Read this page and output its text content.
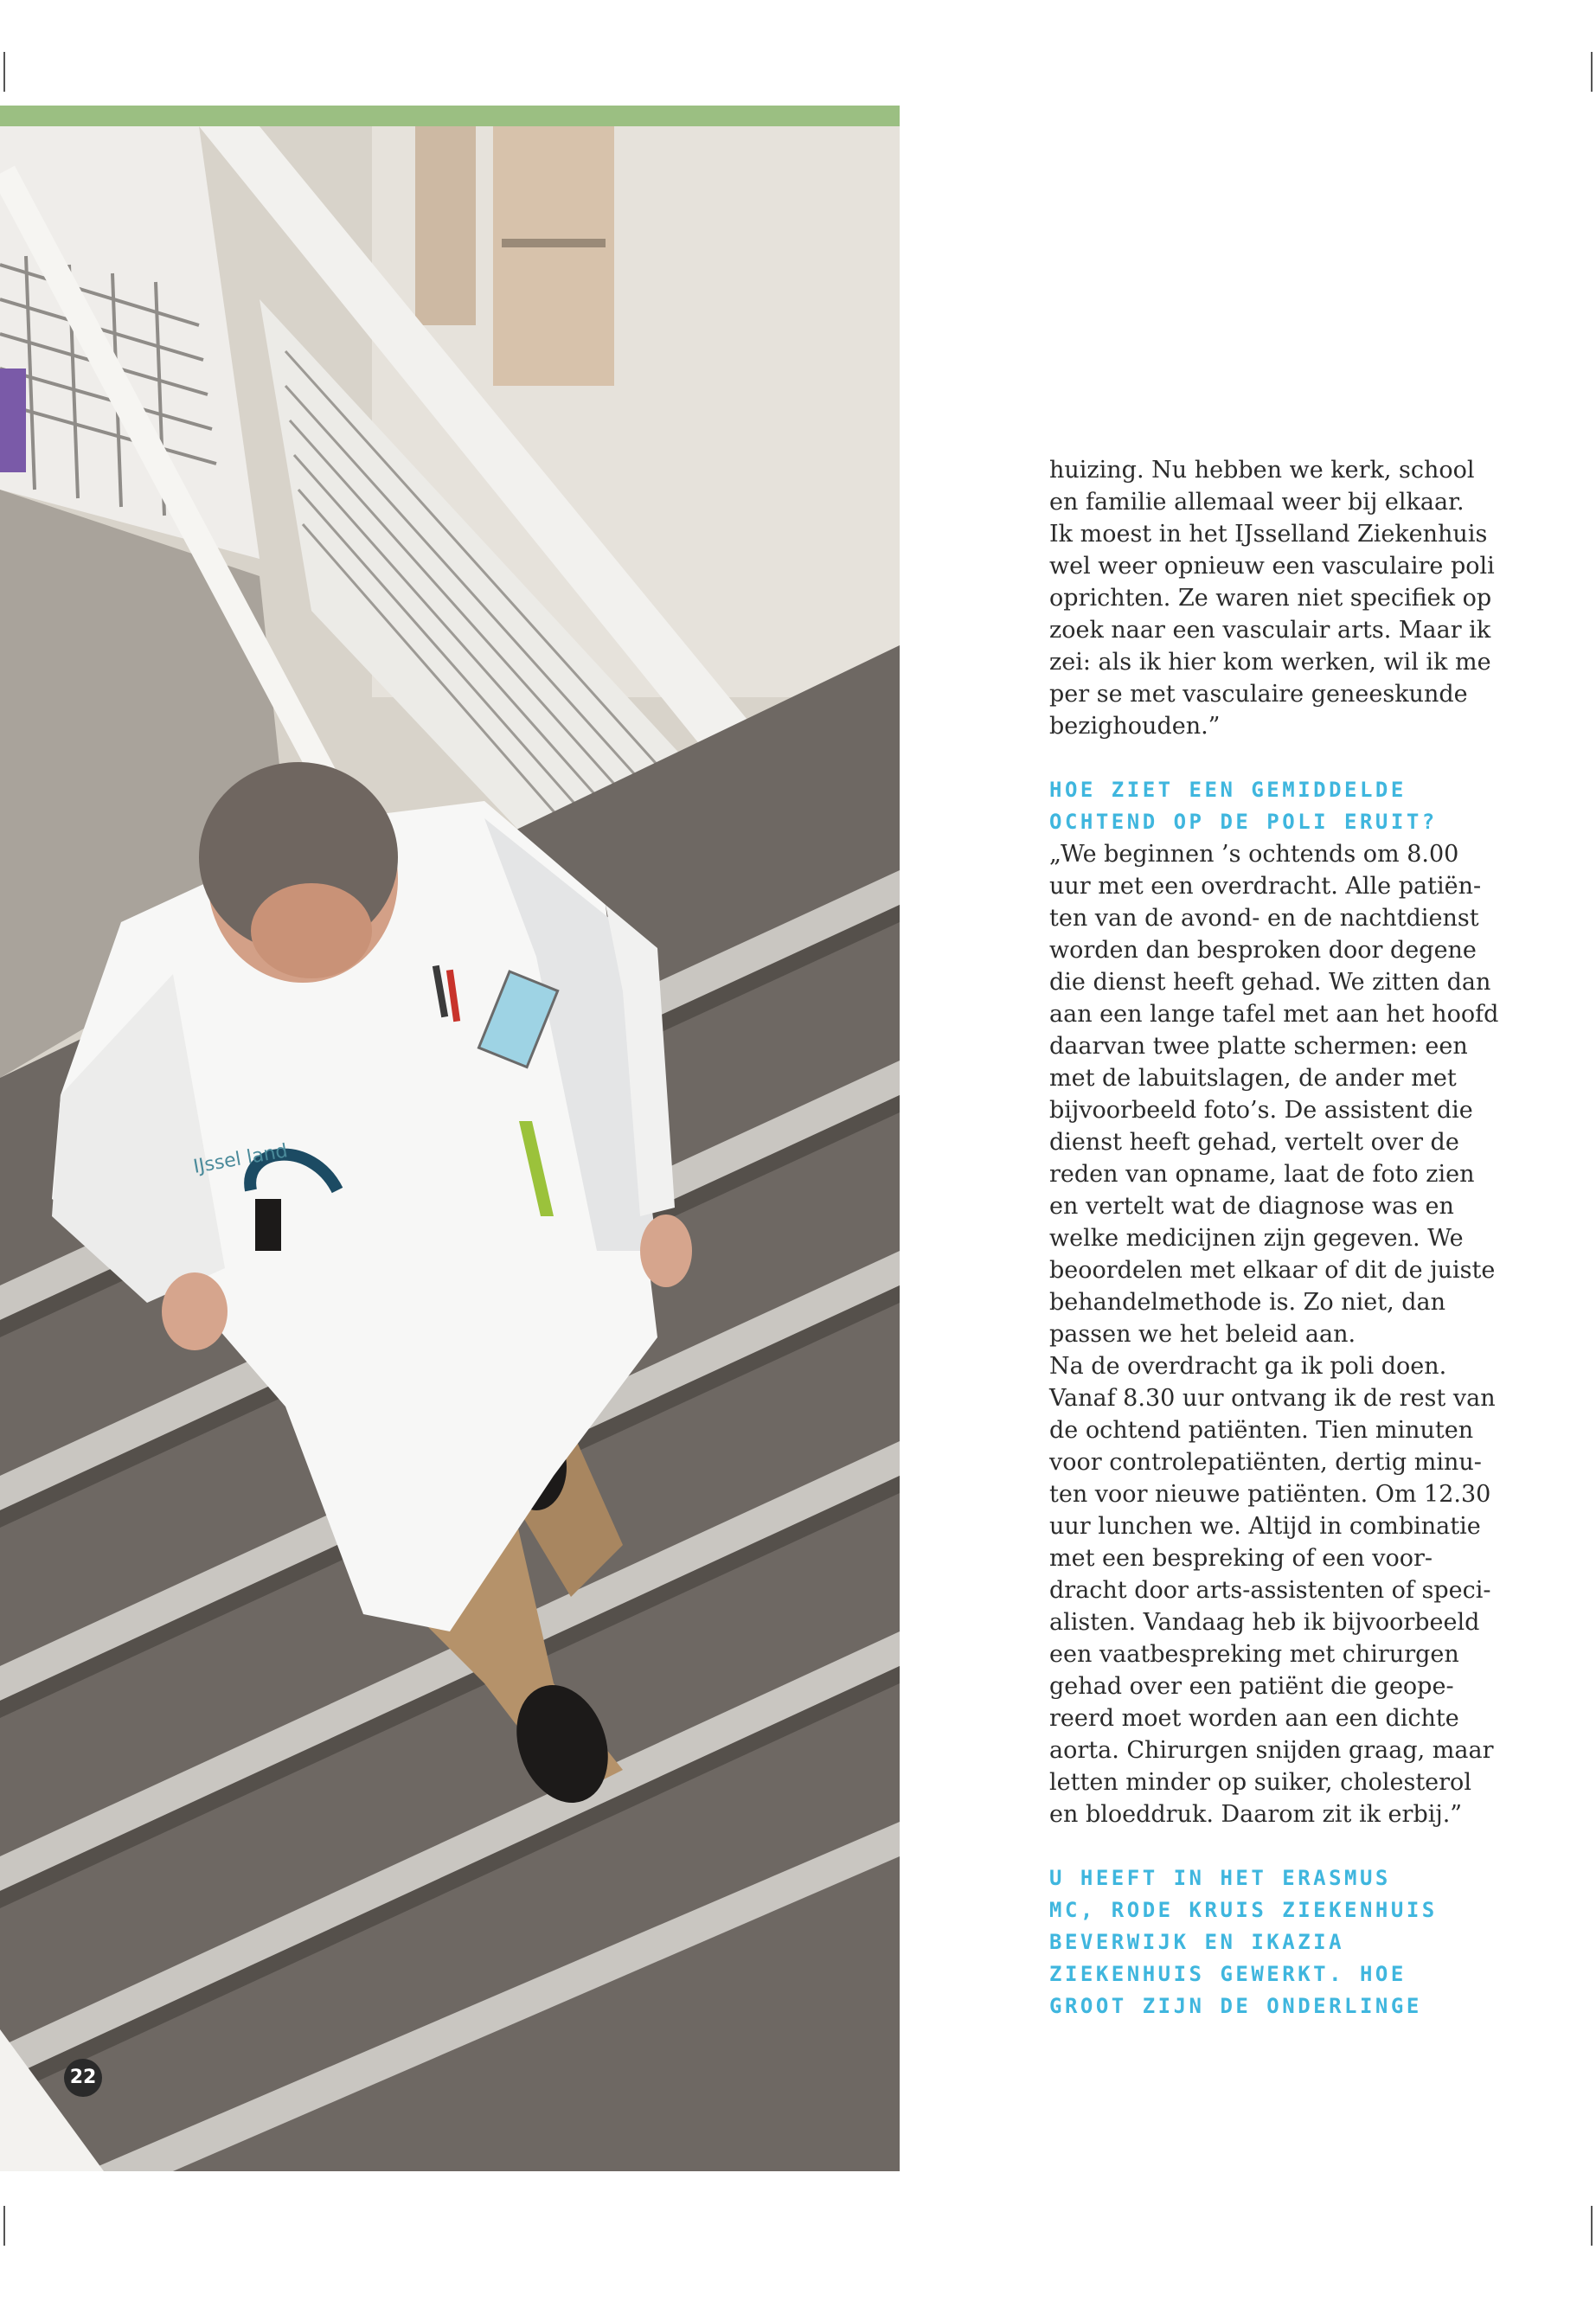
IJssel land
22
huizing. Nu hebben we kerk, school
en familie allemaal weer bij elkaar.
Ik moest in het IJsselland Ziekenhuis
wel weer opnieuw een vasculaire poli
oprichten. Ze waren niet specifiek op
zoek naar een vasculair arts. Maar ik
zei: als ik hier kom werken, wil ik me
per se met vasculaire geneeskunde
bezighouden.”
HOE ZIET EEN GEMIDDELDE
OCHTEND OP DE POLI ERUIT?
„We beginnen ’s ochtends om 8.00
uur met een overdracht. Alle patiën-
ten van de avond- en de nachtdienst
worden dan besproken door degene
die dienst heeft gehad. We zitten dan
aan een lange tafel met aan het hoofd
daarvan twee platte schermen: een
met de labuitslagen, de ander met
bijvoorbeeld foto’s. De assistent die
dienst heeft gehad, vertelt over de
reden van opname, laat de foto zien
en vertelt wat de diagnose was en
welke medicijnen zijn gegeven. We
beoordelen met elkaar of dit de juiste
behandelmethode is. Zo niet, dan
passen we het beleid aan.
Na de overdracht ga ik poli doen.
Vanaf 8.30 uur ontvang ik de rest van
de ochtend patiënten. Tien minuten
voor controlepatiënten, dertig minu-
ten voor nieuwe patiënten. Om 12.30
uur lunchen we. Altijd in combinatie
met een bespreking of een voor-
dracht door arts-assistenten of speci-
alisten. Vandaag heb ik bijvoorbeeld
een vaatbespreking met chirurgen
gehad over een patiënt die geope-
reerd moet worden aan een dichte
aorta. Chirurgen snijden graag, maar
letten minder op suiker, cholesterol
en bloeddruk. Daarom zit ik erbij.”
U HEEFT IN HET ERASMUS
MC, RODE KRUIS ZIEKENHUIS
BEVERWIJK EN IKAZIA
ZIEKENHUIS GEWERKT. HOE
GROOT ZIJN DE ONDERLINGE
